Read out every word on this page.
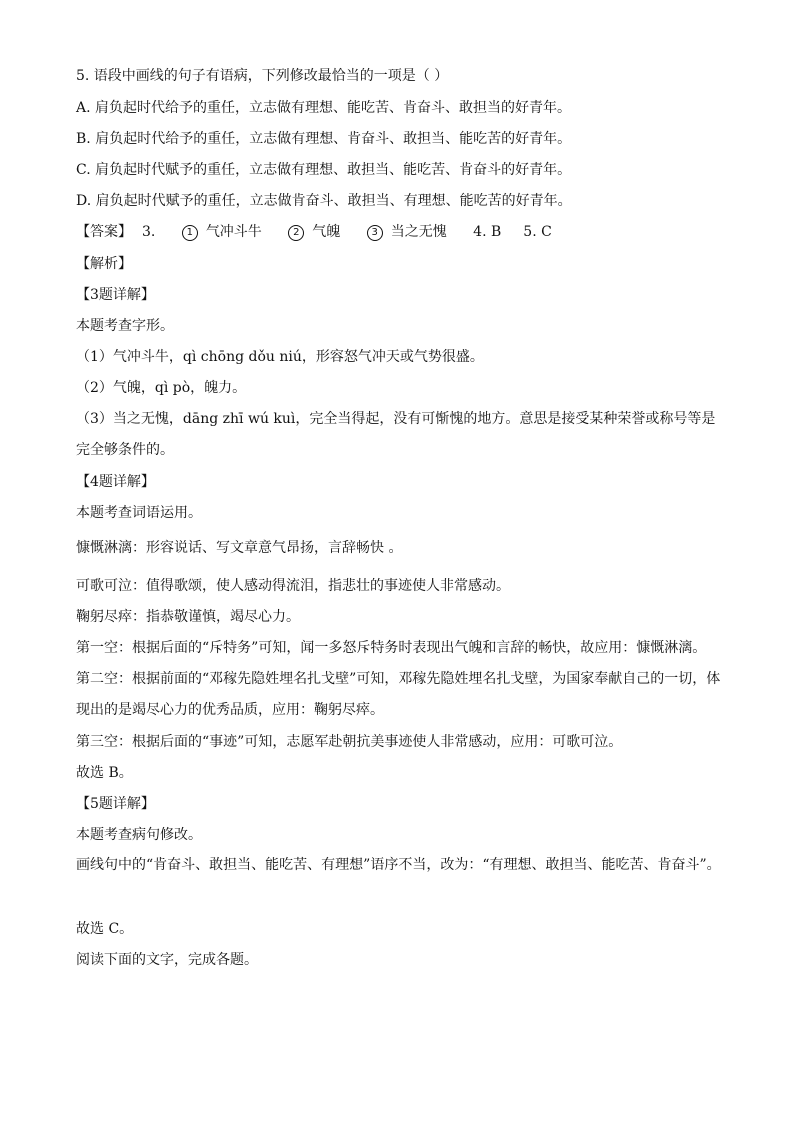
5. 语段中画线的句子有语病，下列修改最恰当的一项是（ ）
A. 肩负起时代给予的重任，立志做有理想、能吃苦、肯奋斗、敢担当的好青年。
B. 肩负起时代给予的重任，立志做有理想、肯奋斗、敢担当、能吃苦的好青年。
C. 肩负起时代赋予的重任，立志做有理想、敢担当、能吃苦、肯奋斗的好青年。
D. 肩负起时代赋予的重任，立志做肯奋斗、敢担当、有理想、能吃苦的好青年。
【答案】 3.	1 气冲斗牛	2 气魄	3 当之无愧 4. B 5. C
【解析】
【3题详解】
本题考查字形。
（1）气冲斗牛，qì chōng dǒu niú，形容怒气冲天或气势很盛。
（2）气魄，qì pò，魄力。
（3）当之无愧，dāng zhī wú kuì，完全当得起，没有可惭愧的地方。意思是接受某种荣誉或称号等是完全够条件的。
【4题详解】
本题考查词语运用。
慷慨淋漓：形容说话、写文章意气昂扬，言辞畅快 。
可歌可泣：值得歌颂，使人感动得流泪，指悲壮的事迹使人非常感动。
鞠躬尽瘁：指恭敬谨慎，竭尽心力。
第一空：根据后面的“斥特务”可知，闻一多怒斥特务时表现出气魄和言辞的畅快，故应用：慷慨淋漓。
第二空：根据前面的“邓稼先隐姓埋名扎戈壁”可知，邓稼先隐姓埋名扎戈壁，为国家奉献自己的一切，体现出的是竭尽心力的优秀品质，应用：鞠躬尽瘁。
第三空：根据后面的“事迹”可知，志愿军赴朝抗美事迹使人非常感动，应用：可歌可泣。
故选 B。
【5题详解】
本题考查病句修改。
画线句中的“肯奋斗、敢担当、能吃苦、有理想”语序不当，改为：“有理想、敢担当、能吃苦、肯奋斗”。
故选 C。
阅读下面的文字，完成各题。
